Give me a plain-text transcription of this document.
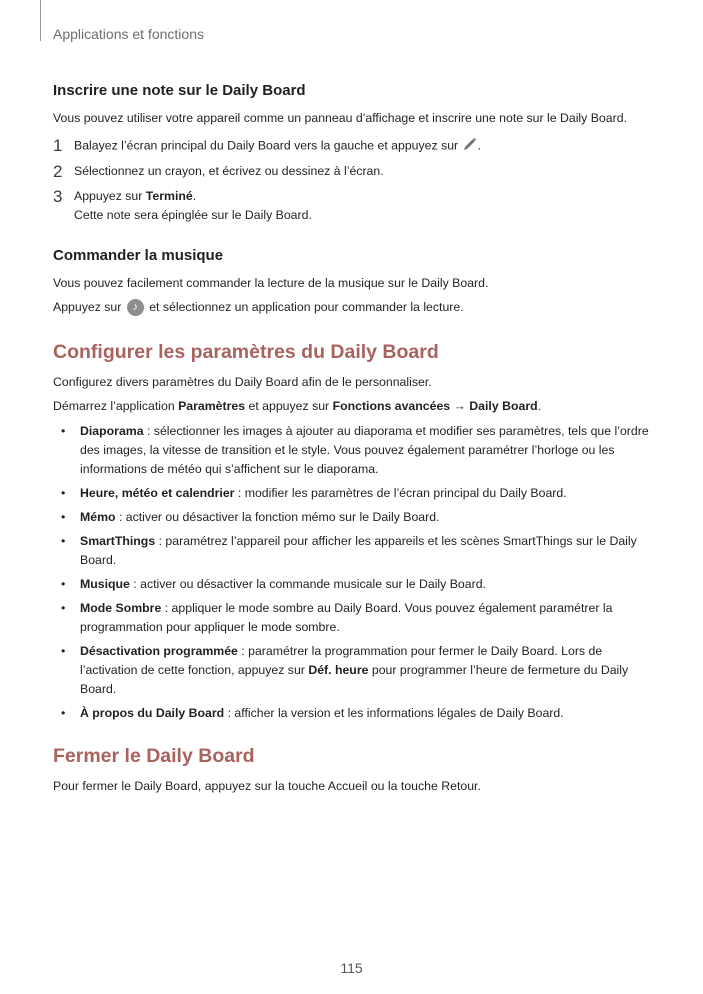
Applications et fonctions
Inscrire une note sur le Daily Board

Vous pouvez utiliser votre appareil comme un panneau d’affichage et inscrire une note sur le Daily Board.

1 Balayez l’écran principal du Daily Board vers la gauche et appuyez sur .
2 Sélectionnez un crayon, et écrivez ou dessinez à l’écran.
3 Appuyez sur Terminé.
Cette note sera épinglée sur le Daily Board.
Commander la musique

Vous pouvez facilement commander la lecture de la musique sur le Daily Board.

Appuyez sur ♪ et sélectionnez un application pour commander la lecture.

Configurer les paramètres du Daily Board

Configurez divers paramètres du Daily Board afin de le personnaliser.

Démarrez l’application Paramètres et appuyez sur Fonctions avancées → Daily Board.

• Diaporama : sélectionner les images à ajouter au diaporama et modifier ses paramètres, tels que l’ordre des images, la vitesse de transition et le style. Vous pouvez également paramétrer l’horloge ou les informations de météo qui s’affichent sur le diaporama.
• Heure, météo et calendrier : modifier les paramètres de l’écran principal du Daily Board.
• Mémo : activer ou désactiver la fonction mémo sur le Daily Board.
• SmartThings : paramétrez l’appareil pour afficher les appareils et les scènes SmartThings sur le Daily Board.
• Musique : activer ou désactiver la commande musicale sur le Daily Board.
• Mode Sombre : appliquer le mode sombre au Daily Board. Vous pouvez également paramétrer la programmation pour appliquer le mode sombre.
• Désactivation programmée : paramétrer la programmation pour fermer le Daily Board. Lors de l’activation de cette fonction, appuyez sur Déf. heure pour programmer l’heure de fermeture du Daily Board.
• À propos du Daily Board : afficher la version et les informations légales de Daily Board.
Fermer le Daily Board

Pour fermer le Daily Board, appuyez sur la touche Accueil ou la touche Retour.

115
